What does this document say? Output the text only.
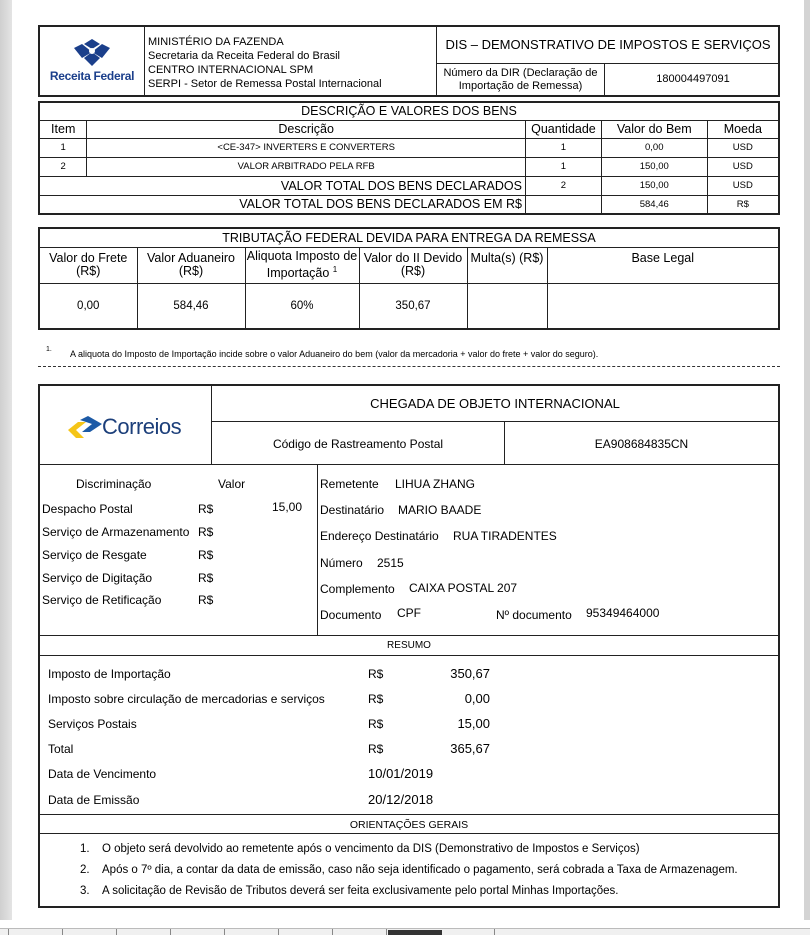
Receita Federal
MINISTÉRIO DA FAZENDA
Secretaria da Receita Federal do Brasil
CENTRO INTERNACIONAL SPM
SERPI - Setor de Remessa Postal Internacional
DIS – DEMONSTRATIVO DE IMPOSTOS E SERVIÇOS
Número da DIR (Declaração de Importação de Remessa)
180004497091
DESCRIÇÃO E VALORES DOS BENS				
Item	Descrição	Quantidade	Valor do Bem	Moeda
1	<CE-347> INVERTERS E CONVERTERS	1	0,00	USD
2	VALOR ARBITRADO PELA RFB	1	150,00	USD
VALOR TOTAL DOS BENS DECLARADOS		2	150,00	USD
VALOR TOTAL DOS BENS DECLARADOS EM R$			584,46	R$
TRIBUTAÇÃO FEDERAL DEVIDA PARA ENTREGA DA REMESSA					
Valor do Frete (R$)	Valor Aduaneiro (R$)	Aliquota Imposto de Importação $^1$	Valor do II Devido (R$)	Multa(s) (R$)	Base Legal
0,00	584,46	60%	350,67		
1. A aliquota do Imposto de Importação incide sobre o valor Aduaneiro do bem (valor da mercadoria + valor do frete + valor do seguro).
Correios
CHEGADA DE OBJETO INTERNACIONAL
Código de Rastreamento Postal	EA908684835CN
Discriminação	Valor
Despacho Postal	R$	15,00
Serviço de Armazenamento R$
Serviço de Resgate	R$
Serviço de Digitação	R$
Serviço de Retificação	R$
Remetente LIHUA ZHANG
Destinatário MARIO BAADE
Endereço Destinatário RUA TIRADENTES
Número 2515
Complemento CAIXA POSTAL 207
Documento CPF	Nº documento 95349464000
RESUMO
Imposto de Importação	R$	350,67
Imposto sobre circulação de mercadorias e serviços	R$	0,00
Serviços Postais	R$	15,00
Total	R$	365,67
Data de Vencimento	10/01/2019
Data de Emissão	20/12/2018
ORIENTAÇÕES GERAIS
1. O objeto será devolvido ao remetente após o vencimento da DIS (Demonstrativo de Impostos e Serviços)
2. Após o 7º dia, a contar da data de emissão, caso não seja identificado o pagamento, será cobrada a Taxa de Armazenagem.
3. A solicitação de Revisão de Tributos deverá ser feita exclusivamente pelo portal Minhas Importações.
